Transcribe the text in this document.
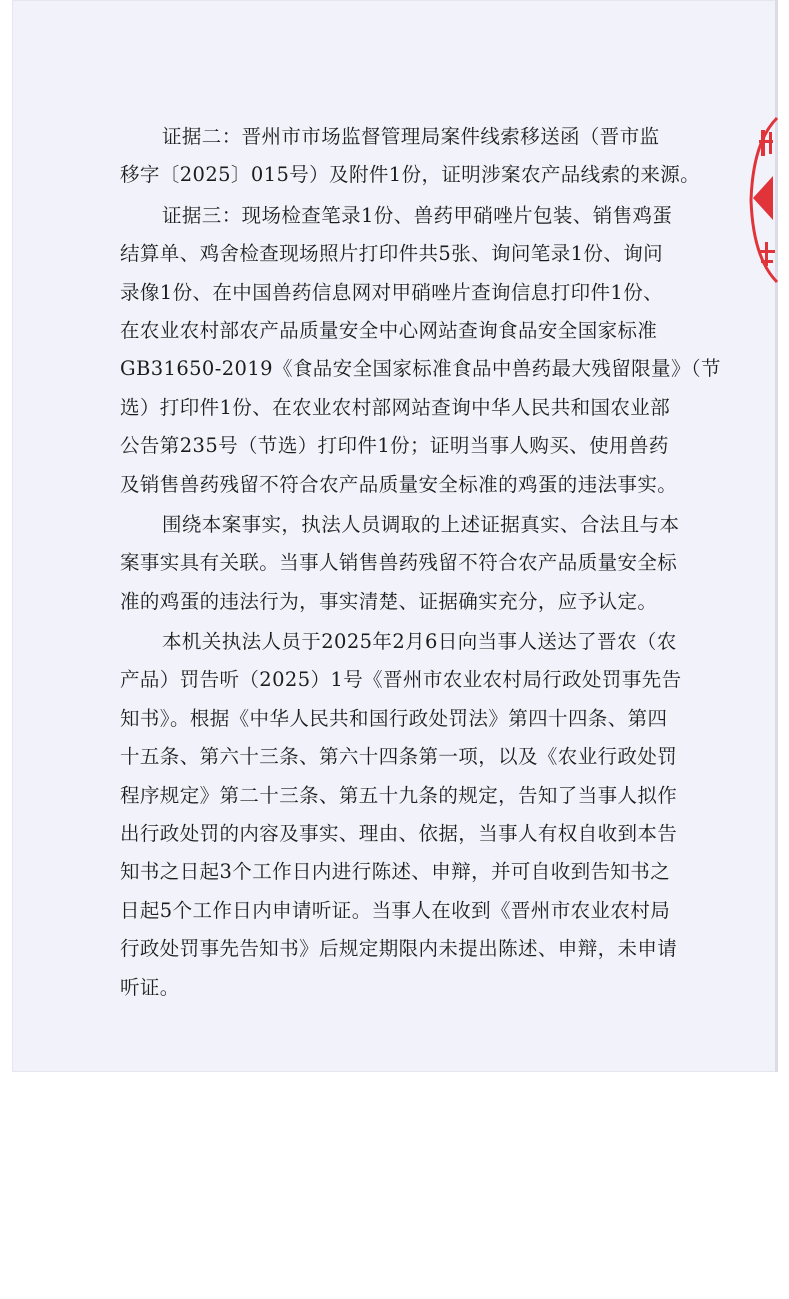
证据二：晋州市市场监督管理局案件线索移送函（晋市监
移字〔2025〕015号）及附件1份，证明涉案农产品线索的来源。
证据三：现场检查笔录1份、兽药甲硝唑片包装、销售鸡蛋
结算单、鸡舍检查现场照片打印件共5张、询问笔录1份、询问
录像1份、在中国兽药信息网对甲硝唑片查询信息打印件1份、
在农业农村部农产品质量安全中心网站查询食品安全国家标准
GB31650-2019《食品安全国家标准食品中兽药最大残留限量》（节
选）打印件1份、在农业农村部网站查询中华人民共和国农业部
公告第235号（节选）打印件1份；证明当事人购买、使用兽药
及销售兽药残留不符合农产品质量安全标准的鸡蛋的违法事实。
围绕本案事实，执法人员调取的上述证据真实、合法且与本
案事实具有关联。当事人销售兽药残留不符合农产品质量安全标
准的鸡蛋的违法行为，事实清楚、证据确实充分，应予认定。
本机关执法人员于2025年2月6日向当事人送达了晋农（农
产品）罚告听（2025）1号《晋州市农业农村局行政处罚事先告
知书》。根据《中华人民共和国行政处罚法》第四十四条、第四
十五条、第六十三条、第六十四条第一项，以及《农业行政处罚
程序规定》第二十三条、第五十九条的规定，告知了当事人拟作
出行政处罚的内容及事实、理由、依据，当事人有权自收到本告
知书之日起3个工作日内进行陈述、申辩，并可自收到告知书之
日起5个工作日内申请听证。当事人在收到《晋州市农业农村局
行政处罚事先告知书》后规定期限内未提出陈述、申辩，未申请
听证。
